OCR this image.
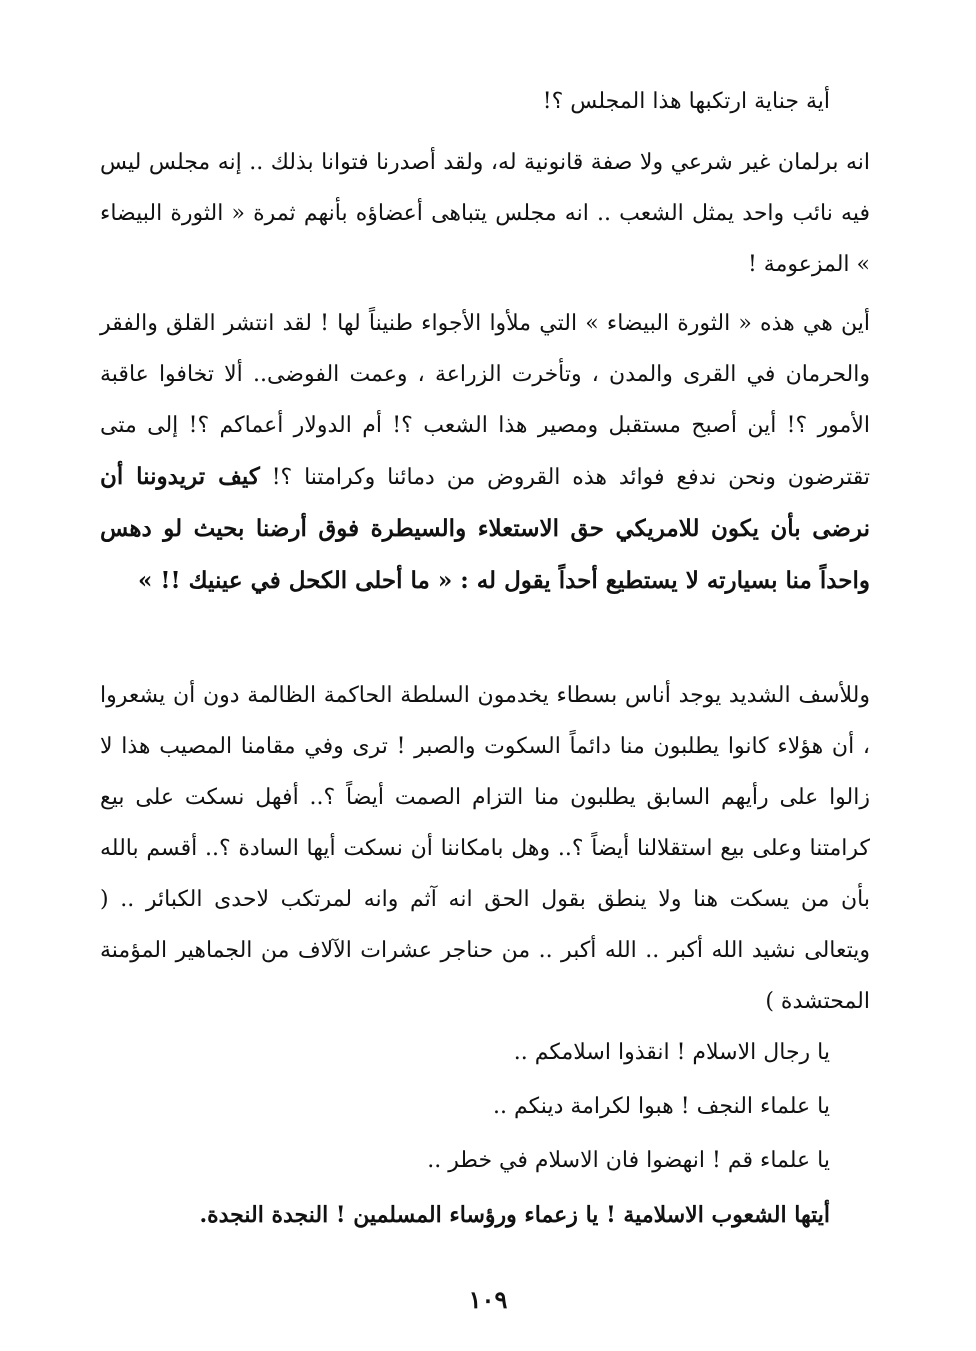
أية جناية ارتكبها هذا المجلس ؟!
انه برلمان غير شرعي ولا صفة قانونية له، ولقد أصدرنا فتوانا بذلك .. إنه مجلس ليس فيه نائب واحد يمثل الشعب .. انه مجلس يتباهى أعضاؤه بأنهم ثمرة « الثورة البيضاء » المزعومة !
أين هي هذه « الثورة البيضاء » التي ملأوا الأجواء طنيناً لها ! لقد انتشر القلق والفقر والحرمان في القرى والمدن ، وتأخرت الزراعة ، وعمت الفوضى.. ألا تخافوا عاقبة الأمور ؟! أين أصبح مستقبل ومصير هذا الشعب ؟! أم الدولار أعماكم ؟! إلى متى تقترضون ونحن ندفع فوائد هذه القروض من دمائنا وكرامتنا ؟! كيف تريدوننا أن نرضى بأن يكون للامريكي حق الاستعلاء والسيطرة فوق أرضنا بحيث لو دهس واحداً منا بسيارته لا يستطيع أحداً يقول له : « ما أحلى الكحل في عينيك !! »
وللأسف الشديد يوجد أناس بسطاء يخدمون السلطة الحاكمة الظالمة دون أن يشعروا ، أن هؤلاء كانوا يطلبون منا دائماً السكوت والصبر ! ترى وفي مقامنا المصيب هذا لا زالوا على رأيهم السابق يطلبون منا التزام الصمت أيضاً ؟.. أفهل نسكت على بيع كرامتنا وعلى بيع استقلالنا أيضاً ؟.. وهل بامكاننا أن نسكت أيها السادة ؟.. أقسم بالله بأن من يسكت هنا ولا ينطق بقول الحق انه آثم وانه لمرتكب لاحدى الكبائر .. ( ويتعالى نشيد الله أكبر .. الله أكبر .. من حناجر عشرات الآلاف من الجماهير المؤمنة المحتشدة )
يا رجال الاسلام ! انقذوا اسلامكم ..
يا علماء النجف ! هبوا لكرامة دينكم ..
يا علماء قم ! انهضوا فان الاسلام في خطر ..
أيتها الشعوب الاسلامية ! يا زعماء ورؤساء المسلمين ! النجدة النجدة.
١٠٩
